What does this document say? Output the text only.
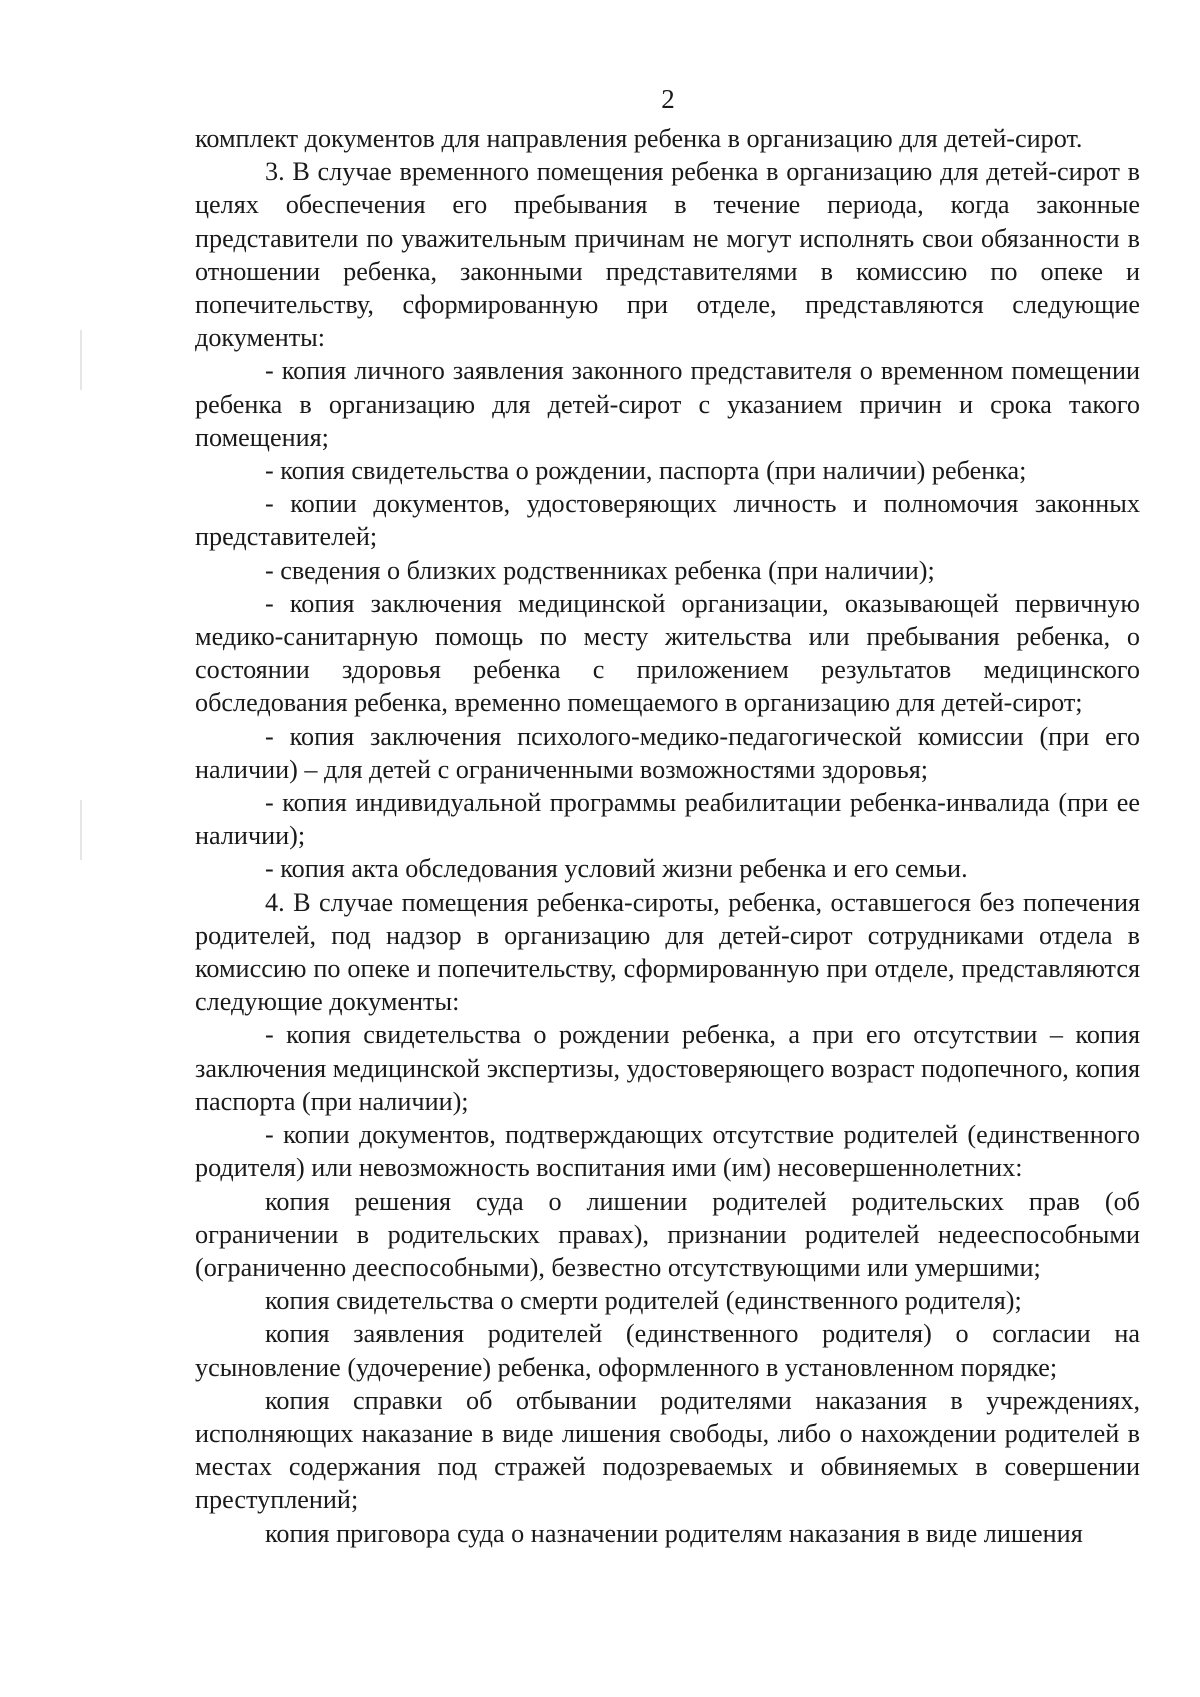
2

комплект документов для направления ребенка в организацию для детей-сирот.

3. В случае временного помещения ребенка в организацию для детей-сирот в целях обеспечения его пребывания в течение периода, когда законные представители по уважительным причинам не могут исполнять свои обязанности в отношении ребенка, законными представителями в комиссию по опеке и попечительству, сформированную при отделе, представляются следующие документы:

- копия личного заявления законного представителя о временном помещении ребенка в организацию для детей-сирот с указанием причин и срока такого помещения;

- копия свидетельства о рождении, паспорта (при наличии) ребенка;

- копии документов, удостоверяющих личность и полномочия законных представителей;

- сведения о близких родственниках ребенка (при наличии);

- копия заключения медицинской организации, оказывающей первичную медико-санитарную помощь по месту жительства или пребывания ребенка, о состоянии здоровья ребенка с приложением результатов медицинского обследования ребенка, временно помещаемого в организацию для детей-сирот;

- копия заключения психолого-медико-педагогической комиссии (при его наличии) – для детей с ограниченными возможностями здоровья;

- копия индивидуальной программы реабилитации ребенка-инвалида (при ее наличии);

- копия акта обследования условий жизни ребенка и его семьи.

4. В случае помещения ребенка-сироты, ребенка, оставшегося без попечения родителей, под надзор в организацию для детей-сирот сотрудниками отдела в комиссию по опеке и попечительству, сформированную при отделе, представляются следующие документы:

- копия свидетельства о рождении ребенка, а при его отсутствии – копия заключения медицинской экспертизы, удостоверяющего возраст подопечного, копия паспорта (при наличии);

- копии документов, подтверждающих отсутствие родителей (единственного родителя) или невозможность воспитания ими (им) несовершеннолетних:

копия решения суда о лишении родителей родительских прав (об ограничении в родительских правах), признании родителей недееспособными (ограниченно дееспособными), безвестно отсутствующими или умершими;

копия свидетельства о смерти родителей (единственного родителя);

копия заявления родителей (единственного родителя) о согласии на усыновление (удочерение) ребенка, оформленного в установленном порядке;

копия справки об отбывании родителями наказания в учреждениях, исполняющих наказание в виде лишения свободы, либо о нахождении родителей в местах содержания под стражей подозреваемых и обвиняемых в совершении преступлений;

копия приговора суда о назначении родителям наказания в виде лишения
